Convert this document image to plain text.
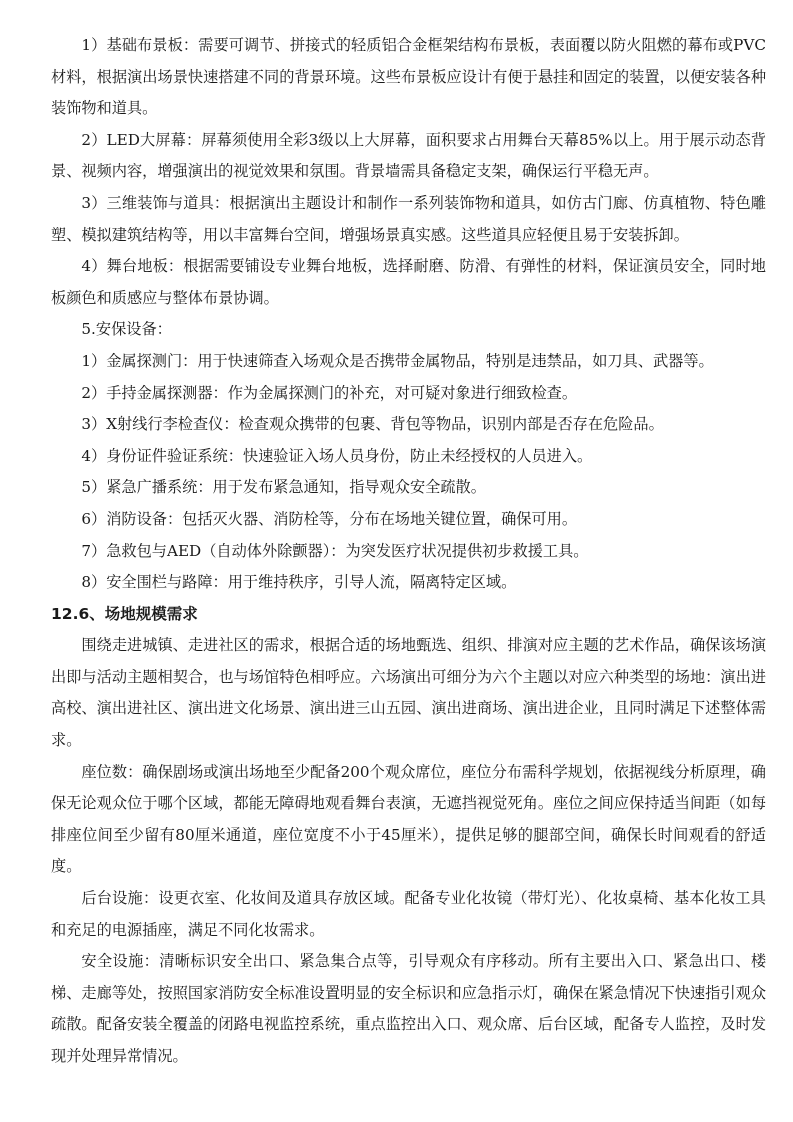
1）基础布景板：需要可调节、拼接式的轻质铝合金框架结构布景板，表面覆以防火阻燃的幕布或PVC材料，根据演出场景快速搭建不同的背景环境。这些布景板应设计有便于悬挂和固定的装置，以便安装各种装饰物和道具。

2）LED大屏幕：屏幕须使用全彩3级以上大屏幕，面积要求占用舞台天幕85%以上。用于展示动态背景、视频内容，增强演出的视觉效果和氛围。背景墙需具备稳定支架，确保运行平稳无声。

3）三维装饰与道具：根据演出主题设计和制作一系列装饰物和道具，如仿古门廊、仿真植物、特色雕塑、模拟建筑结构等，用以丰富舞台空间，增强场景真实感。这些道具应轻便且易于安装拆卸。

4）舞台地板：根据需要铺设专业舞台地板，选择耐磨、防滑、有弹性的材料，保证演员安全，同时地板颜色和质感应与整体布景协调。

5.安保设备：

1）金属探测门：用于快速筛查入场观众是否携带金属物品，特别是违禁品，如刀具、武器等。

2）手持金属探测器：作为金属探测门的补充，对可疑对象进行细致检查。

3）X射线行李检查仪：检查观众携带的包裹、背包等物品，识别内部是否存在危险品。

4）身份证件验证系统：快速验证入场人员身份，防止未经授权的人员进入。

5）紧急广播系统：用于发布紧急通知，指导观众安全疏散。

6）消防设备：包括灭火器、消防栓等，分布在场地关键位置，确保可用。

7）急救包与AED（自动体外除颤器）：为突发医疗状况提供初步救援工具。

8）安全围栏与路障：用于维持秩序，引导人流，隔离特定区域。

12.6、场地规模需求

围绕走进城镇、走进社区的需求，根据合适的场地甄选、组织、排演对应主题的艺术作品，确保该场演出即与活动主题相契合，也与场馆特色相呼应。六场演出可细分为六个主题以对应六种类型的场地：演出进高校、演出进社区、演出进文化场景、演出进三山五园、演出进商场、演出进企业，且同时满足下述整体需求。

座位数：确保剧场或演出场地至少配备200个观众席位，座位分布需科学规划，依据视线分析原理，确保无论观众位于哪个区域，都能无障碍地观看舞台表演，无遮挡视觉死角。座位之间应保持适当间距（如每排座位间至少留有80厘米通道，座位宽度不小于45厘米），提供足够的腿部空间，确保长时间观看的舒适度。

后台设施：设更衣室、化妆间及道具存放区域。配备专业化妆镜（带灯光）、化妆桌椅、基本化妆工具和充足的电源插座，满足不同化妆需求。

安全设施：清晰标识安全出口、紧急集合点等，引导观众有序移动。所有主要出入口、紧急出口、楼梯、走廊等处，按照国家消防安全标准设置明显的安全标识和应急指示灯，确保在紧急情况下快速指引观众疏散。配备安装全覆盖的闭路电视监控系统，重点监控出入口、观众席、后台区域，配备专人监控，及时发现并处理异常情况。
